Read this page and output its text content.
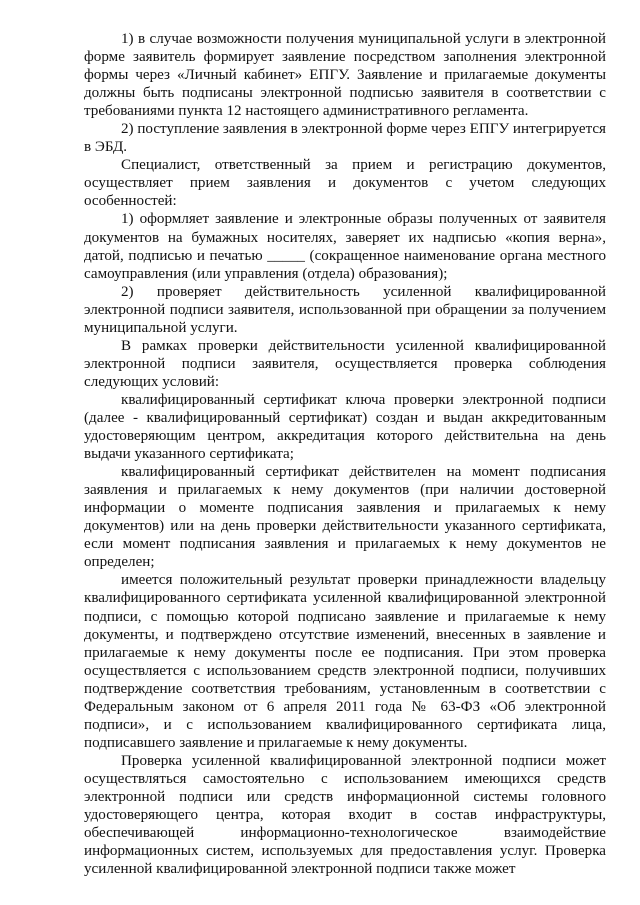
1) в случае возможности получения муниципальной услуги в электронной форме заявитель формирует заявление посредством заполнения электронной формы через «Личный кабинет» ЕПГУ. Заявление и прилагаемые документы должны быть подписаны электронной подписью заявителя в соответствии с требованиями пункта 12 настоящего административного регламента.

2) поступление заявления в электронной форме через ЕПГУ интегрируется в ЭБД.

Специалист, ответственный за прием и регистрацию документов, осуществляет прием заявления и документов с учетом следующих особенностей:

1) оформляет заявление и электронные образы полученных от заявителя документов на бумажных носителях, заверяет их надписью «копия верна», датой, подписью и печатью _____ (сокращенное наименование органа местного самоуправления (или управления (отдела) образования);

2) проверяет действительность усиленной квалифицированной электронной подписи заявителя, использованной при обращении за получением муниципальной услуги.

В рамках проверки действительности усиленной квалифицированной электронной подписи заявителя, осуществляется проверка соблюдения следующих условий:

квалифицированный сертификат ключа проверки электронной подписи (далее - квалифицированный сертификат) создан и выдан аккредитованным удостоверяющим центром, аккредитация которого действительна на день выдачи указанного сертификата;

квалифицированный сертификат действителен на момент подписания заявления и прилагаемых к нему документов (при наличии достоверной информации о моменте подписания заявления и прилагаемых к нему документов) или на день проверки действительности указанного сертификата, если момент подписания заявления и прилагаемых к нему документов не определен;

имеется положительный результат проверки принадлежности владельцу квалифицированного сертификата усиленной квалифицированной электронной подписи, с помощью которой подписано заявление и прилагаемые к нему документы, и подтверждено отсутствие изменений, внесенных в заявление и прилагаемые к нему документы после ее подписания. При этом проверка осуществляется с использованием средств электронной подписи, получивших подтверждение соответствия требованиям, установленным в соответствии с Федеральным законом от 6 апреля 2011 года № 63-ФЗ «Об электронной подписи», и с использованием квалифицированного сертификата лица, подписавшего заявление и прилагаемые к нему документы.

Проверка усиленной квалифицированной электронной подписи может осуществляться самостоятельно с использованием имеющихся средств электронной подписи или средств информационной системы головного удостоверяющего центра, которая входит в состав инфраструктуры, обеспечивающей информационно-технологическое взаимодействие информационных систем, используемых для предоставления услуг. Проверка усиленной квалифицированной электронной подписи также может
